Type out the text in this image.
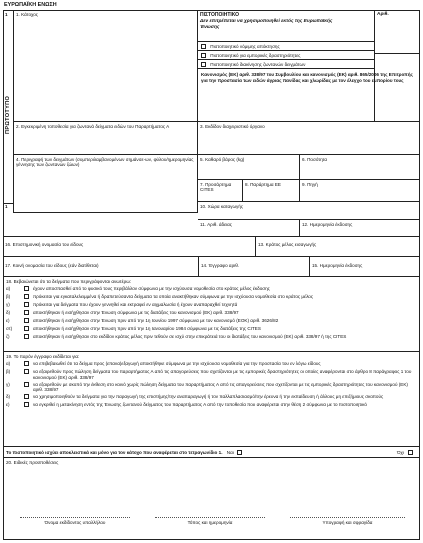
ΕΥΡΩΠΑΪΚΗ ΕΝΩΣΗ
1
ΠΡΩΤΟΤΥΠΟ
1
1. Κάτοχος	ΠΙΣΤΟΠΟΙΗΤΙΚΟ
Δεν επιτρέπεται να χρησιμοποιηθεί εκτός της Ευρωπαϊκής Ένωσης
Αριθ.
Πιστοποιητικό νόμιμης απόκτησης
Πιστοποιητικό για εμπορικές δραστηριότητες
Πιστοποιητικό διακίνησης ζωντανών δειγμάτων
Κανονισμός (ΕΚ) αριθ. 338/97 του Συμβουλίου και κανονισμός (ΕΚ) αριθ. 865/2006 της Επιτροπής για την προστασία των ειδών άγριας πανίδας και χλωρίδας με τον έλεγχο του εμπορίου τους
2. Εγκεκριμένη τοποθεσία για ζωντανά δείγματα ειδών του Παραρτήματος Α	3. Εκδίδον διαχειριστικό όργανο
4. Περιγραφή των δειγμάτων (συμπεριλαμβανομένων σημάνσε-ων, φύλου/ημερομηνίας γέννησης των ζωντανών ζώων)
5. Καθαρό βάρος (kg)	6. Ποσότητα
7. Προσάρτημα CITES
8. Παράρτημα ΕΕ	9. Πηγή
10. Χώρα καταγωγής
11. Αριθ. άδειας	12. Ημερομηνία έκδοσης
16. Επιστημονική ονομασία του είδους	13. Κράτος μέλος εισαγωγής
17. Κοινή ονομασία του είδους (εάν διατίθεται)	14. Έγγραφο αριθ.	15. Ημερομηνία έκδοσης
18. Βεβαιώνεται ότι τα δείγματα που περιγράφονται ανωτέρω:
α)	έχουν αποσπασθεί από το φυσικό τους περιβάλλον σύμφωνα με την ισχύουσα νομοθεσία στο κράτος μέλος έκδοσης
β)	πρόκειται για εγκαταλελειμμένα ή δραπετεύσαντα δείγματα τα οποία ανακτήθηκαν σύμφωνα με την ισχύουσα νομοθεσία στο κράτος μέλος
γ)	πρόκειται για δείγματα που έχουν γεννηθεί και εκτραφεί εν αιχμαλωσία ή έχουν αναπαραχθεί τεχνητά
δ)	αποκτήθηκαν ή εισήχθησαν στην Ένωση σύμφωνα με τις διατάξεις του κανονισμού (ΕΚ) αριθ. 338/97
ε)	αποκτήθηκαν ή εισήχθησαν στην Ένωση πριν από την 1η Ιουνίου 1997 σύμφωνα με τον κανονισμό (ΕΟΚ) αριθ. 3626/82
στ)	αποκτήθηκαν ή εισήχθησαν στην Ένωση πριν από την 1η Ιανουαρίου 1984 σύμφωνα με τις διατάξεις της CITES
ζ)	αποκτήθηκαν ή εισήχθησαν στο εκδίδον κράτος μέλος πριν τεθούν σε ισχύ στην επικράτειά του οι διατάξεις του κανονισμού (ΕΚ) αριθ. 338/97 ή της CITES
19. Το παρόν έγγραφο εκδίδεται για:
α)	να επιβεβαιωθεί ότι τα δείγμα προς (επανα)εξαγωγή αποκτήθηκε σύμφωνα με την ισχύουσα νομοθεσία για την προστασία του εν λόγω είδους
β)	να εξαιρεθούν προς πώληση δείγματα του παραρτήματος Α από τις απαγορεύσεις που σχετίζονται με τις εμπορικές δραστηριότητες οι οποίες αναφέρονται στο άρθρο 8 παράγραφος 1 του κανονισμού (ΕΚ) αριθ. 338/97
γ)	να εξαιρεθούν με σκοπό την έκθεση στο κοινό χωρίς πώληση δείγματα του παραρτήματος Α από τις απαγορεύσεις που σχετίζονται με τις εμπορικές δραστηριότητες του κανονισμού (ΕΚ) αριθ. 338/97
δ)	να χρησιμοποιηθούν τα δείγματα για την παραγωγή της επιστήμης/την αναπαραγωγή ή τον παλλαπλασιασμό/την έρευνα ή την εκπαίδευση ή άλλους μη επιζήμιους σκοπούς
ε)	να εγκριθεί η μετακίνηση εντός της Ένωσης ζωντανού δείγματος του παραρτήματος Α από την τοποθεσία που αναφέρεται στην θέση 2 σύμφωνα με το πιστοποιητικό
Το πιστοποιητικό ισχύει αποκλειστικά και μόνο για τον κάτοχο που αναφέρεται στο τετραγωνίδιο 1. Ναι	Όχι
20. Ειδικές προϋποθέσεις
Όνομα εκδίδοντος υπαλλήλου	Τόπος και ημερομηνία	Υπογραφή και σφραγίδα
